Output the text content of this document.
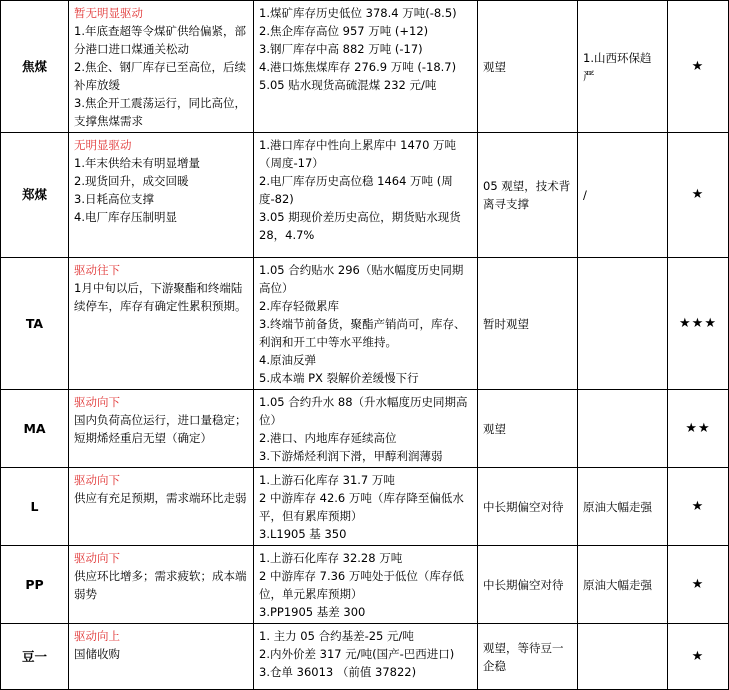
焦煤	暂无明显驱动
1.年底查超等令煤矿供给偏紧，部分港口进口煤通关松动
2.焦企、钢厂库存已至高位，后续补库放缓
3.焦企开工震荡运行，同比高位，支撑焦煤需求	1.煤矿库存历史低位 378.4 万吨(-8.5)
2.焦企库存高位 957 万吨 (+12)
3.钢厂库存中高 882 万吨 (-17)
4.港口炼焦煤库存 276.9 万吨 (-18.7)
5.05 贴水现货高硫混煤 232 元/吨	观望	1.山西环保趋严	★
郑煤	无明显驱动
1.年末供给未有明显增量
2.现货回升，成交回暖
3.日耗高位支撑
4.电厂库存压制明显	1.港口库存中性向上累库中 1470 万吨（周度-17）
2.电厂库存历史高位稳 1464 万吨 (周度-82)
3.05 期现价差历史高位，期货贴水现货 28，4.7%	05 观望，技术背离寻支撑	/	★
TA	驱动往下
1月中旬以后，下游聚酯和终端陆续停车，库存有确定性累积预期。	1.05 合约贴水 296（贴水幅度历史同期高位）
2.库存轻微累库
3.终端节前备货，聚酯产销尚可，库存、利润和开工中等水平维持。
4.原油反弹
5.成本端 PX 裂解价差缓慢下行	暂时观望		★★★
MA	驱动向下
国内负荷高位运行，进口量稳定；短期烯烃重启无望（确定）	1.05 合约升水 88（升水幅度历史同期高位）
2.港口、内地库存延续高位
3.下游烯烃利润下滑，甲醇利润薄弱	观望		★★
L	驱动向下
供应有充足预期，需求端环比走弱	1.上游石化库存 31.7 万吨
2 中游库存 42.6 万吨（库存降至偏低水平，但有累库预期）
3.L1905 基 350	中长期偏空对待	原油大幅走强	★
PP	驱动向下
供应环比增多；需求疲软；成本端弱势	1.上游石化库存 32.28 万吨
2 中游库存 7.36 万吨处于低位（库存低位，单元累库预期）
3.PP1905 基差 300	中长期偏空对待	原油大幅走强	★
豆一	驱动向上
国储收购	1. 主力 05 合约基差-25 元/吨
2.内外价差 317 元/吨(国产-巴西进口)
3.仓单 36013 （前值 37822)	观望，等待豆一企稳		★
